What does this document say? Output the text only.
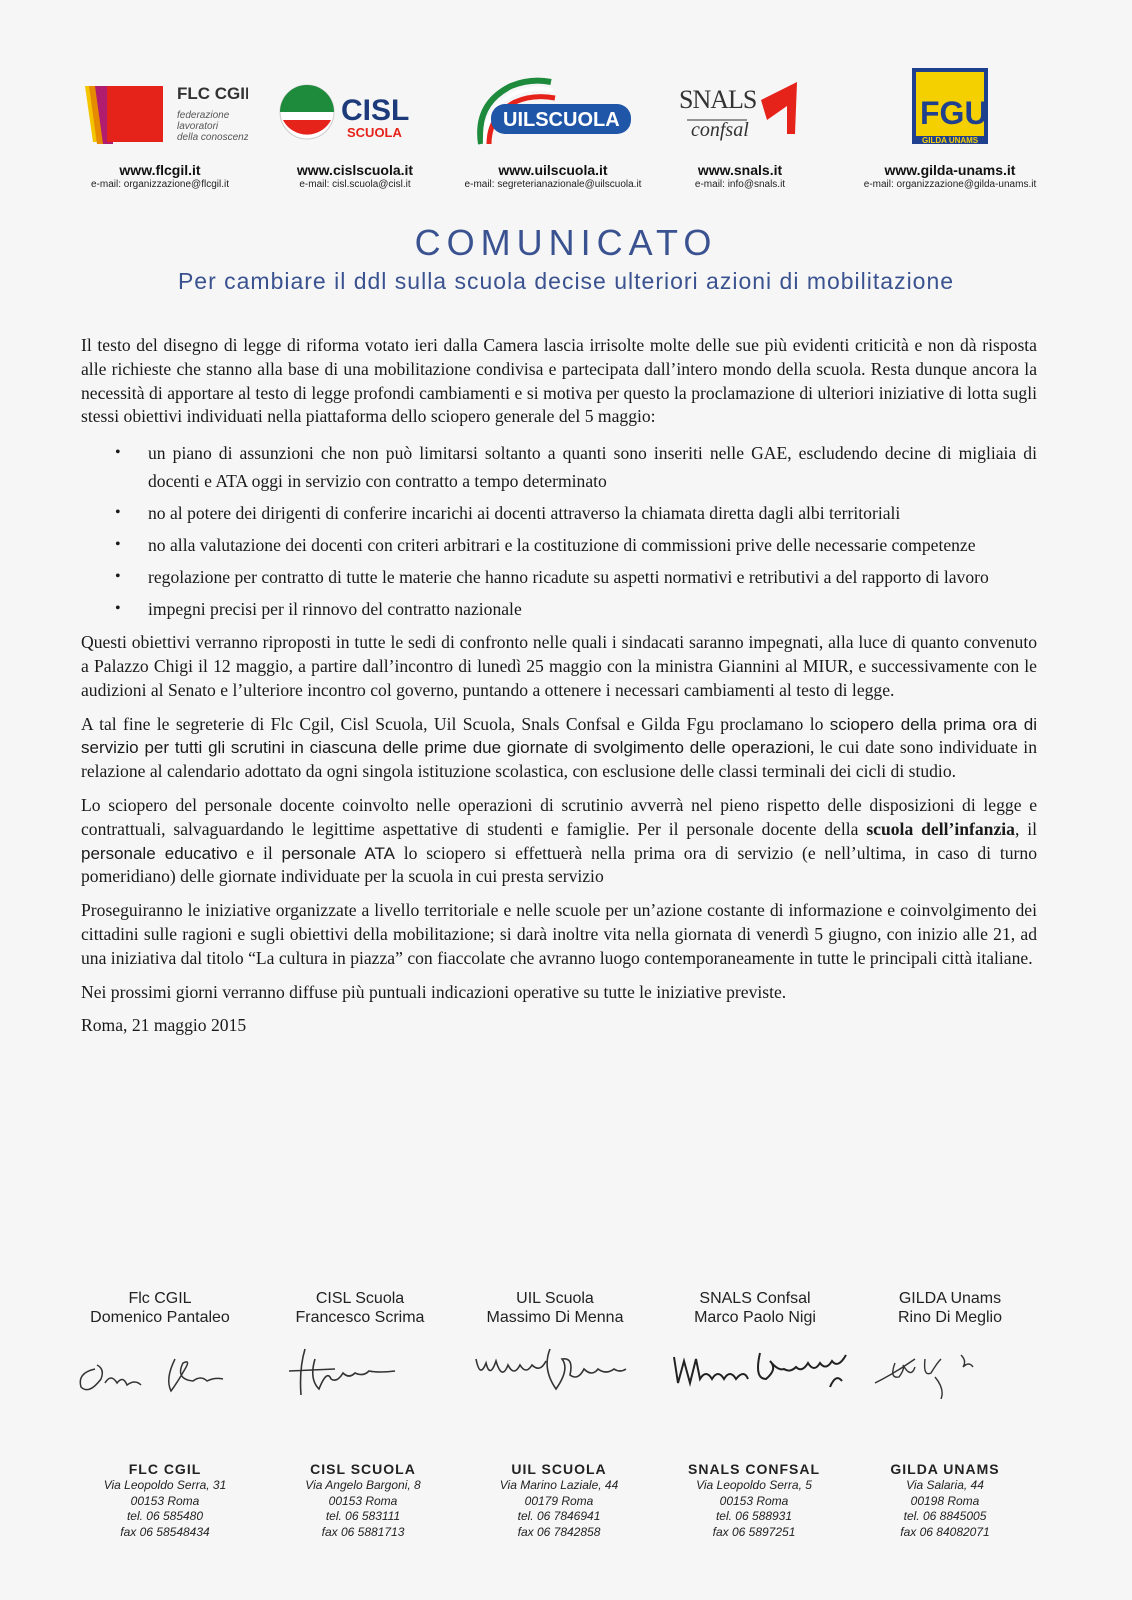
FLC CGIL
federazione
lavoratori
della conoscenza
www.flcgil.it
e-mail: organizzazione@flcgil.it
CISL
SCUOLA
www.cislscuola.it
e-mail: cisl.scuola@cisl.it
UILSCUOLA
www.uilscuola.it
e-mail: segreterianazionale@uilscuola.it
SNALS
confsal
www.snals.it
e-mail: info@snals.it
FGU
GILDA UNAMS
www.gilda-unams.it
e-mail: organizzazione@gilda-unams.it
COMUNICATO
Per cambiare il ddl sulla scuola decise ulteriori azioni di mobilitazione

Il testo del disegno di legge di riforma votato ieri dalla Camera lascia irrisolte molte delle sue più evidenti criticità e non dà risposta alle richieste che stanno alla base di una mobilitazione condivisa e partecipata dall’intero mondo della scuola. Resta dunque ancora la necessità di apportare al testo di legge profondi cambiamenti e si motiva per questo la proclamazione di ulteriori iniziative di lotta sugli stessi obiettivi individuati nella piattaforma dello sciopero generale del 5 maggio:

• un piano di assunzioni che non può limitarsi soltanto a quanti sono inseriti nelle GAE, escludendo decine di migliaia di docenti e ATA oggi in servizio con contratto a tempo determinato
• no al potere dei dirigenti di conferire incarichi ai docenti attraverso la chiamata diretta dagli albi territoriali
• no alla valutazione dei docenti con criteri arbitrari e la costituzione di commissioni prive delle necessarie competenze
• regolazione per contratto di tutte le materie che hanno ricadute su aspetti normativi e retributivi a del rapporto di lavoro
• impegni precisi per il rinnovo del contratto nazionale

Questi obiettivi verranno riproposti in tutte le sedi di confronto nelle quali i sindacati saranno impegnati, alla luce di quanto convenuto a Palazzo Chigi il 12 maggio, a partire dall’incontro di lunedì 25 maggio con la ministra Giannini al MIUR, e successivamente con le audizioni al Senato e l’ulteriore incontro col governo, puntando a ottenere i necessari cambiamenti al testo di legge.

A tal fine le segreterie di Flc Cgil, Cisl Scuola, Uil Scuola, Snals Confsal e Gilda Fgu proclamano lo sciopero della prima ora di servizio per tutti gli scrutini in ciascuna delle prime due giornate di svolgimento delle operazioni, le cui date sono individuate in relazione al calendario adottato da ogni singola istituzione scolastica, con esclusione delle classi terminali dei cicli di studio.

Lo sciopero del personale docente coinvolto nelle operazioni di scrutinio avverrà nel pieno rispetto delle disposizioni di legge e contrattuali, salvaguardando le legittime aspettative di studenti e famiglie. Per il personale docente della scuola dell’infanzia, il personale educativo e il personale ATA lo sciopero si effettuerà nella prima ora di servizio (e nell’ultima, in caso di turno pomeridiano) delle giornate individuate per la scuola in cui presta servizio

Proseguiranno le iniziative organizzate a livello territoriale e nelle scuole per un’azione costante di informazione e coinvolgimento dei cittadini sulle ragioni e sugli obiettivi della mobilitazione; si darà inoltre vita nella giornata di venerdì 5 giugno, con inizio alle 21, ad una iniziativa dal titolo “La cultura in piazza” con fiaccolate che avranno luogo contemporaneamente in tutte le principali città italiane.

Nei prossimi giorni verranno diffuse più puntuali indicazioni operative su tutte le iniziative previste.

Roma, 21 maggio 2015

Flc CGIL
Domenico Pantaleo
CISL Scuola
Francesco Scrima
UIL Scuola
Massimo Di Menna
SNALS Confsal
Marco Paolo Nigi
GILDA Unams
Rino Di Meglio
FLC CGIL
Via Leopoldo Serra, 31
00153 Roma
tel. 06 585480
fax 06 58548434
CISL SCUOLA
Via Angelo Bargoni, 8
00153 Roma
tel. 06 583111
fax 06 5881713
UIL SCUOLA
Via Marino Laziale, 44
00179 Roma
tel. 06 7846941
fax 06 7842858
SNALS CONFSAL
Via Leopoldo Serra, 5
00153 Roma
tel. 06 588931
fax 06 5897251
GILDA UNAMS
Via Salaria, 44
00198 Roma
tel. 06 8845005
fax 06 84082071
